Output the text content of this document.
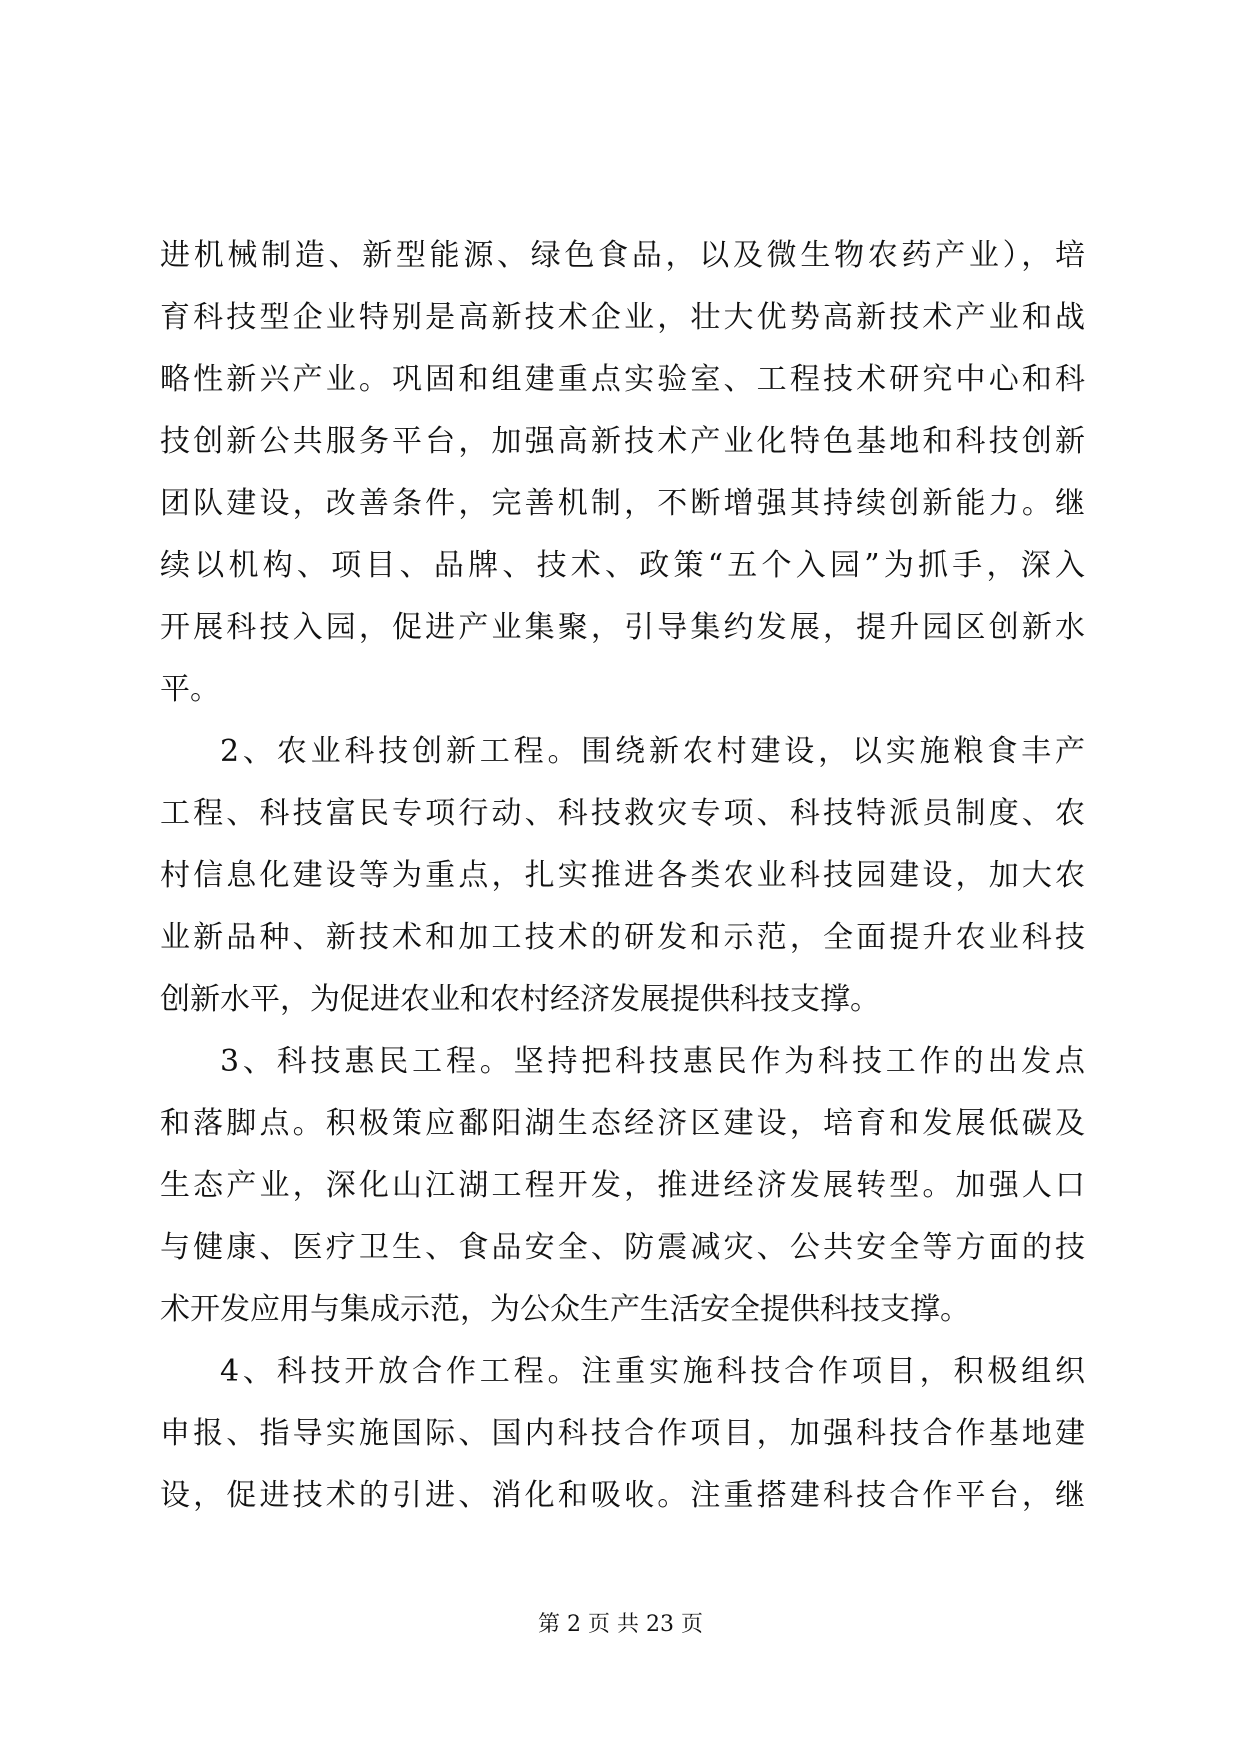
进机械制造、新型能源、绿色食品，以及微生物农药产业），培
育科技型企业特别是高新技术企业，壮大优势高新技术产业和战
略性新兴产业。巩固和组建重点实验室、工程技术研究中心和科
技创新公共服务平台，加强高新技术产业化特色基地和科技创新
团队建设，改善条件，完善机制，不断增强其持续创新能力。继
续以机构、项目、品牌、技术、政策“五个入园”为抓手，深入
开展科技入园，促进产业集聚，引导集约发展，提升园区创新水
平。
2、农业科技创新工程。围绕新农村建设，以实施粮食丰产
工程、科技富民专项行动、科技救灾专项、科技特派员制度、农
村信息化建设等为重点，扎实推进各类农业科技园建设，加大农
业新品种、新技术和加工技术的研发和示范，全面提升农业科技
创新水平，为促进农业和农村经济发展提供科技支撑。
3、科技惠民工程。坚持把科技惠民作为科技工作的出发点
和落脚点。积极策应鄱阳湖生态经济区建设，培育和发展低碳及
生态产业，深化山江湖工程开发，推进经济发展转型。加强人口
与健康、医疗卫生、食品安全、防震减灾、公共安全等方面的技
术开发应用与集成示范，为公众生产生活安全提供科技支撑。
4、科技开放合作工程。注重实施科技合作项目，积极组织
申报、指导实施国际、国内科技合作项目，加强科技合作基地建
设，促进技术的引进、消化和吸收。注重搭建科技合作平台，继
第 2 页 共 23 页
